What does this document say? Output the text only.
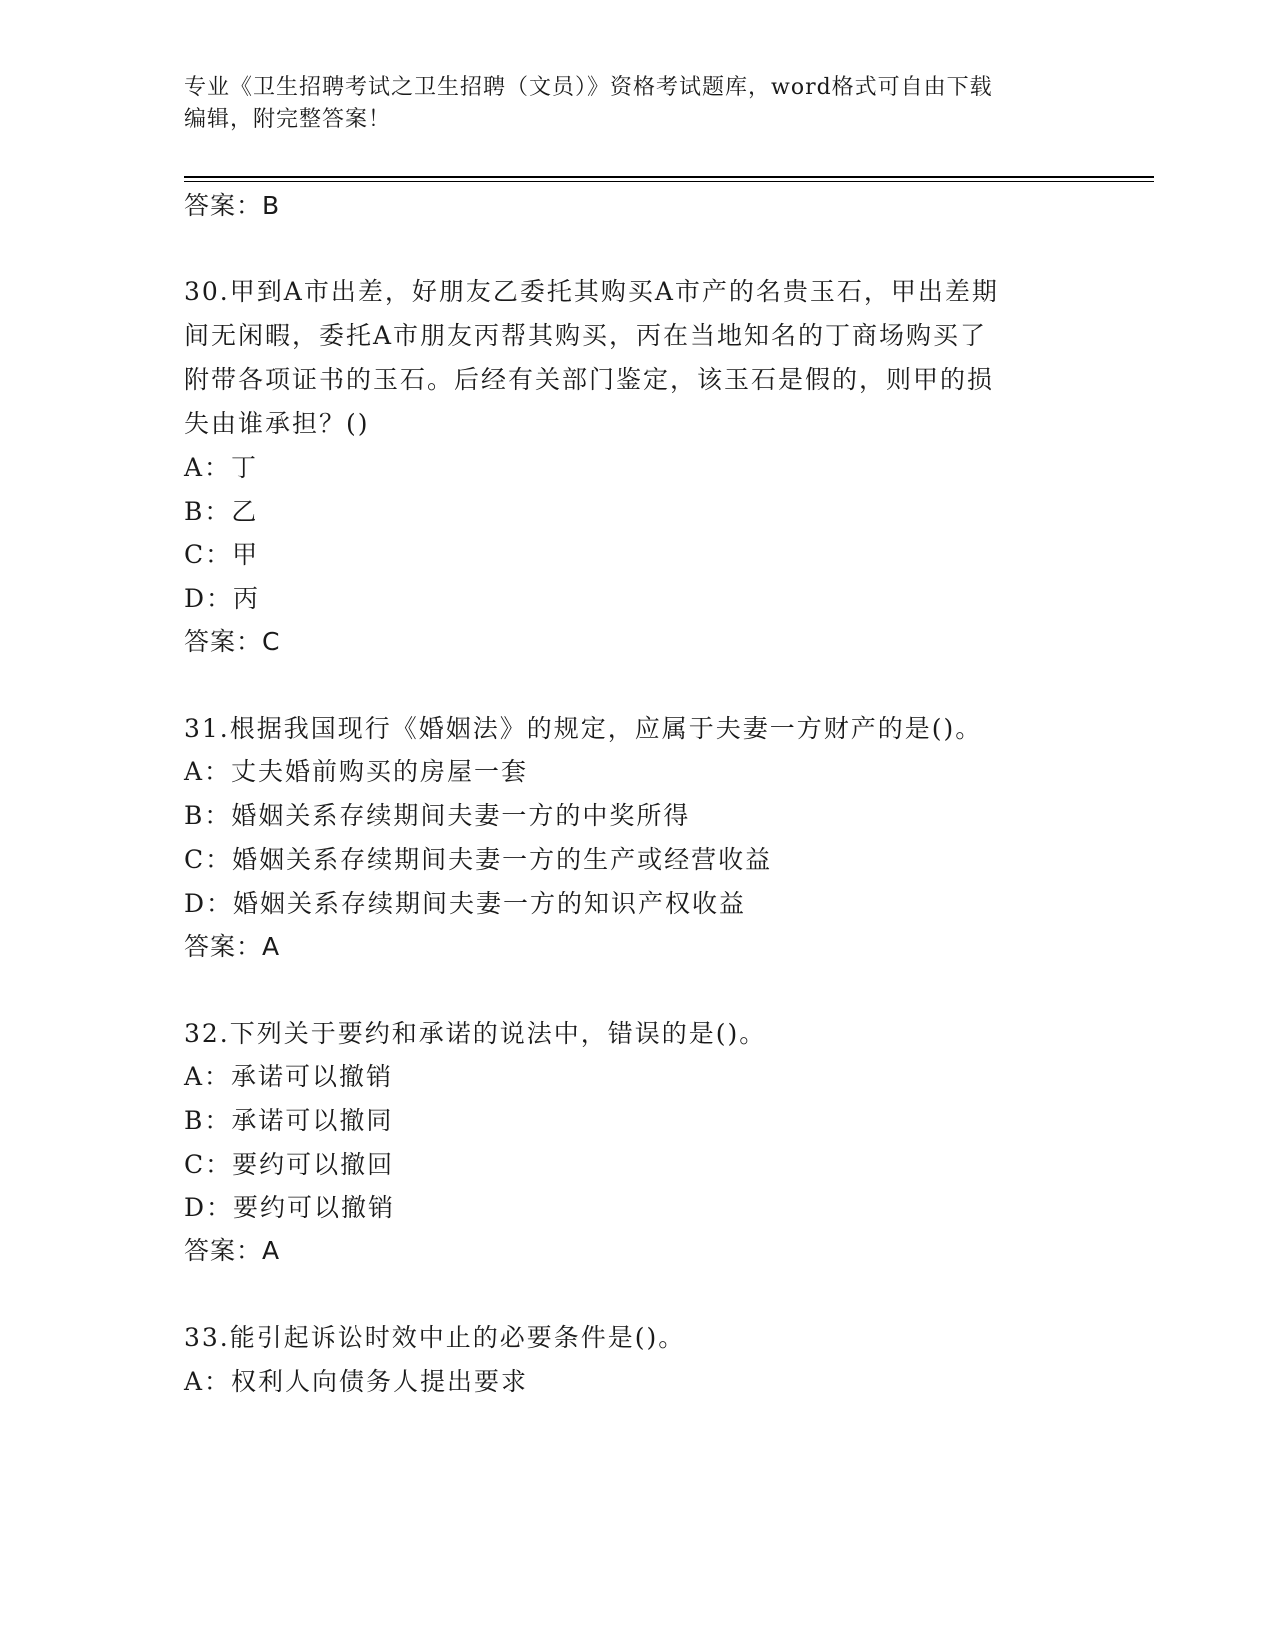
专业《卫生招聘考试之卫生招聘（文员）》资格考试题库，word格式可自由下载
编辑，附完整答案！
答案：B
30.甲到A市出差，好朋友乙委托其购买A市产的名贵玉石，甲出差期
间无闲暇，委托A市朋友丙帮其购买，丙在当地知名的丁商场购买了
附带各项证书的玉石。后经有关部门鉴定，该玉石是假的，则甲的损
失由谁承担？()
A：丁
B：乙
C：甲
D：丙
答案：C
31.根据我国现行《婚姻法》的规定，应属于夫妻一方财产的是()。
A：丈夫婚前购买的房屋一套
B：婚姻关系存续期间夫妻一方的中奖所得
C：婚姻关系存续期间夫妻一方的生产或经营收益
D：婚姻关系存续期间夫妻一方的知识产权收益
答案：A
32.下列关于要约和承诺的说法中，错误的是()。
A：承诺可以撤销
B：承诺可以撤同
C：要约可以撤回
D：要约可以撤销
答案：A
33.能引起诉讼时效中止的必要条件是()。
A：权利人向债务人提出要求
